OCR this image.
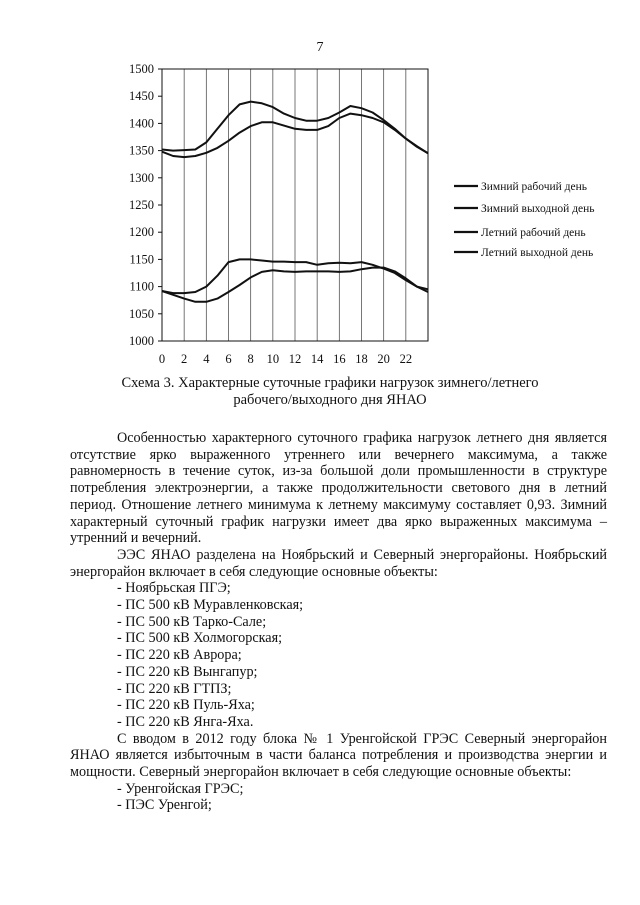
7
1000
1050
1100
1150
1200
1250
1300
1350
1400
1450
1500
0 2 4 6 8 10 12 14 16 18 20 22
Зимний рабочий день
Зимний выходной день
Летний рабочий день
Летний выходной день
Схема 3. Характерные суточные графики нагрузок зимнего/летнего
рабочего/выходного дня ЯНАО

Особенностью характерного суточного графика нагрузок летнего дня является отсутствие ярко выраженного утреннего или вечернего максимума, а также равномерность в течение суток, из-за большой доли промышленности в структуре потребления электроэнергии, а также продолжительности светового дня в летний период. Отношение летнего минимума к летнему максимуму составляет 0,93. Зимний характерный суточный график нагрузки имеет два ярко выраженных максимума – утренний и вечерний.

ЭЭС ЯНАО разделена на Ноябрьский и Северный энергорайоны. Ноябрьский энергорайон включает в себя следующие основные объекты:

- Ноябрьская ПГЭ;
- ПС 500 кВ Муравленковская;
- ПС 500 кВ Тарко-Сале;
- ПС 500 кВ Холмогорская;
- ПС 220 кВ Аврора;
- ПС 220 кВ Вынгапур;
- ПС 220 кВ ГТПЗ;
- ПС 220 кВ Пуль-Яха;
- ПС 220 кВ Янга-Яха.

С вводом в 2012 году блока № 1 Уренгойской ГРЭС Северный энергорайон ЯНАО является избыточным в части баланса потребления и производства энергии и мощности. Северный энергорайон включает в себя следующие основные объекты:

- Уренгойская ГРЭС;
- ПЭС Уренгой;
